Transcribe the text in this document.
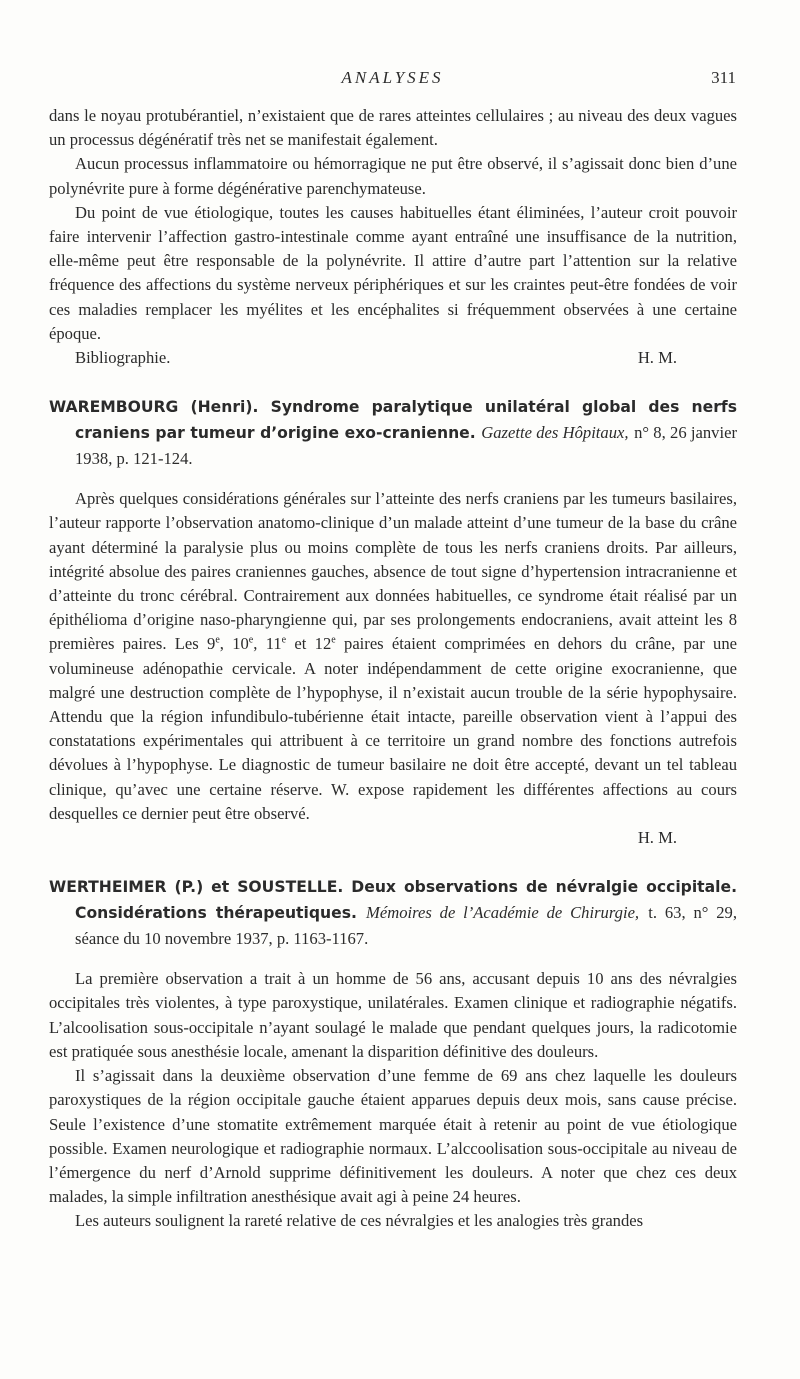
ANALYSES	311

dans le noyau protubérantiel, n’existaient que de rares atteintes cellulaires ; au niveau des deux vagues un processus dégénératif très net se manifestait également.

Aucun processus inflammatoire ou hémorragique ne put être observé, il s’agissait donc bien d’une polynévrite pure à forme dégénérative parenchymateuse.

Du point de vue étiologique, toutes les causes habituelles étant éliminées, l’auteur croit pouvoir faire intervenir l’affection gastro-intestinale comme ayant entraîné une insuffisance de la nutrition, elle-même peut être responsable de la polynévrite. Il attire d’autre part l’attention sur la relative fréquence des affections du système nerveux périphériques et sur les craintes peut-être fondées de voir ces maladies remplacer les myélites et les encéphalites si fréquemment observées à une certaine époque.

Bibliographie.	H. M.

WAREMBOURG (Henri). Syndrome paralytique unilatéral global des nerfs craniens par tumeur d’origine exo-cranienne. Gazette des Hôpitaux, n° 8, 26 janvier 1938, p. 121-124.

Après quelques considérations générales sur l’atteinte des nerfs craniens par les tumeurs basilaires, l’auteur rapporte l’observation anatomo-clinique d’un malade atteint d’une tumeur de la base du crâne ayant déterminé la paralysie plus ou moins complète de tous les nerfs craniens droits. Par ailleurs, intégrité absolue des paires craniennes gauches, absence de tout signe d’hypertension intracranienne et d’atteinte du tronc cérébral. Contrairement aux données habituelles, ce syndrome était réalisé par un épithélioma d’origine naso-pharyngienne qui, par ses prolongements endocraniens, avait atteint les 8 premières paires. Les 9e, 10e, 11e et 12e paires étaient comprimées en dehors du crâne, par une volumineuse adénopathie cervicale. A noter indépendamment de cette origine exocranienne, que malgré une destruction complète de l’hypophyse, il n’existait aucun trouble de la série hypophysaire. Attendu que la région infundibulo-tubérienne était intacte, pareille observation vient à l’appui des constatations expérimentales qui attribuent à ce territoire un grand nombre des fonctions autrefois dévolues à l’hypophyse. Le diagnostic de tumeur basilaire ne doit être accepté, devant un tel tableau clinique, qu’avec une certaine réserve. W. expose rapidement les différentes affections au cours desquelles ce dernier peut être observé.

H. M.

WERTHEIMER (P.) et SOUSTELLE. Deux observations de névralgie occipitale. Considérations thérapeutiques. Mémoires de l’Académie de Chirurgie, t. 63, n° 29, séance du 10 novembre 1937, p. 1163-1167.

La première observation a trait à un homme de 56 ans, accusant depuis 10 ans des névralgies occipitales très violentes, à type paroxystique, unilatérales. Examen clinique et radiographie négatifs. L’alcoolisation sous-occipitale n’ayant soulagé le malade que pendant quelques jours, la radicotomie est pratiquée sous anesthésie locale, amenant la disparition définitive des douleurs.

Il s’agissait dans la deuxième observation d’une femme de 69 ans chez laquelle les douleurs paroxystiques de la région occipitale gauche étaient apparues depuis deux mois, sans cause précise. Seule l’existence d’une stomatite extrêmement marquée était à retenir au point de vue étiologique possible. Examen neurologique et radiographie normaux. L’alccoolisation sous-occipitale au niveau de l’émergence du nerf d’Arnold supprime définitivement les douleurs. A noter que chez ces deux malades, la simple infiltration anesthésique avait agi à peine 24 heures.

Les auteurs soulignent la rareté relative de ces névralgies et les analogies très grandes
